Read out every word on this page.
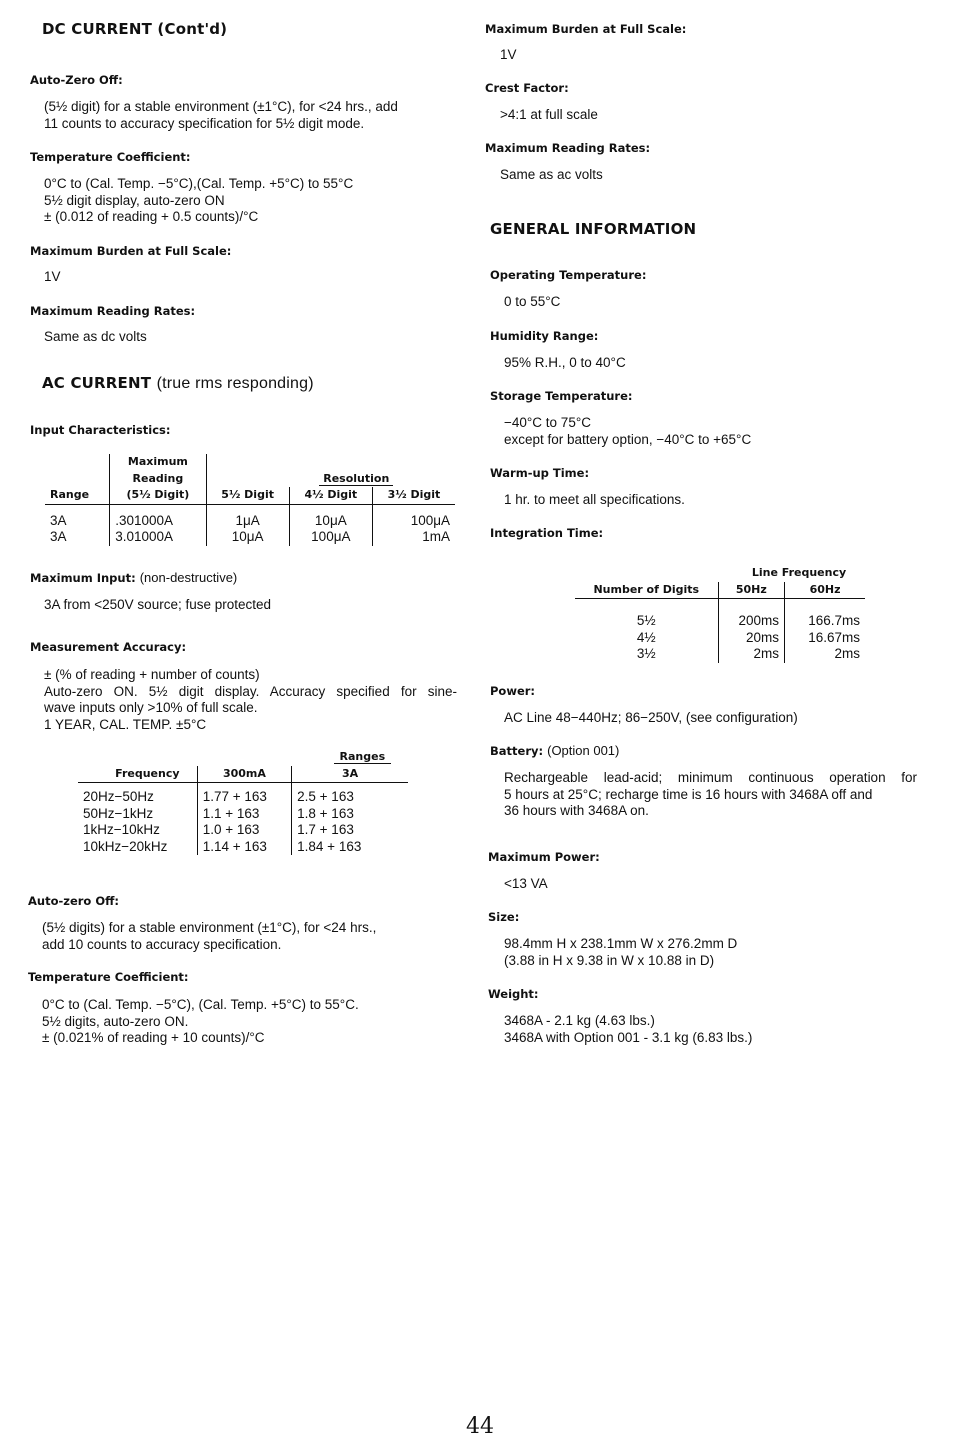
DC CURRENT (Cont'd)
Auto-Zero Off:
(5½ digit) for a stable environment (±1°C), for <24 hrs., add
11 counts to accuracy specification for 5½ digit mode.
Temperature Coefficient:
0°C to (Cal. Temp. −5°C),(Cal. Temp. +5°C) to 55°C
5½ digit display, auto-zero ON
± (0.012 of reading + 0.5 counts)/°C
Maximum Burden at Full Scale:
1V
Maximum Reading Rates:
Same as dc volts
AC CURRENT (true rms responding)
Input Characteristics:
	Maximum			
	Reading		Resolution	
Range	(5½ Digit)	5½ Digit	4½ Digit	3½ Digit

3A	.301000A	1μA	10μA	100μA
3A	3.01000A	10μA	100μA	1mA
Maximum Input: (non-destructive)
3A from <250V source; fuse protected
Measurement Accuracy:
± (% of reading + number of counts)
Auto-zero ON. 5½ digit display. Accuracy specified for sine-
wave inputs only >10% of full scale.
1 YEAR, CAL. TEMP. ±5°C
		Ranges
Frequency	300mA	3A

20Hz−50Hz	1.77 + 163	2.5 + 163
50Hz−1kHz	1.1 + 163	1.8 + 163
1kHz−10kHz	1.0 + 163	1.7 + 163
10kHz−20kHz	1.14 + 163	1.84 + 163
Auto-zero Off:
(5½ digits) for a stable environment (±1°C), for <24 hrs.,
add 10 counts to accuracy specification.
Temperature Coefficient:
0°C to (Cal. Temp. −5°C), (Cal. Temp. +5°C) to 55°C.
5½ digits, auto-zero ON.
± (0.021% of reading + 10 counts)/°C
Maximum Burden at Full Scale:
1V
Crest Factor:
>4:1 at full scale
Maximum Reading Rates:
Same as ac volts
GENERAL INFORMATION
Operating Temperature:
0 to 55°C
Humidity Range:
95% R.H., 0 to 40°C
Storage Temperature:
−40°C to 75°C
except for battery option, −40°C to +65°C
Warm-up Time:
1 hr. to meet all specifications.
Integration Time:
	Line Frequency	
Number of Digits	50Hz	60Hz

5½	200ms	166.7ms
4½	20ms	16.67ms
3½	2ms	2ms
Power:
AC Line 48−440Hz; 86−250V, (see configuration)
Battery: (Option 001)
Rechargeable lead-acid; minimum continuous operation for
5 hours at 25°C; recharge time is 16 hours with 3468A off and
36 hours with 3468A on.
Maximum Power:
<13 VA
Size:
98.4mm H x 238.1mm W x 276.2mm D
(3.88 in H x 9.38 in W x 10.88 in D)
Weight:
3468A - 2.1 kg (4.63 lbs.)
3468A with Option 001 - 3.1 kg (6.83 lbs.)
44
